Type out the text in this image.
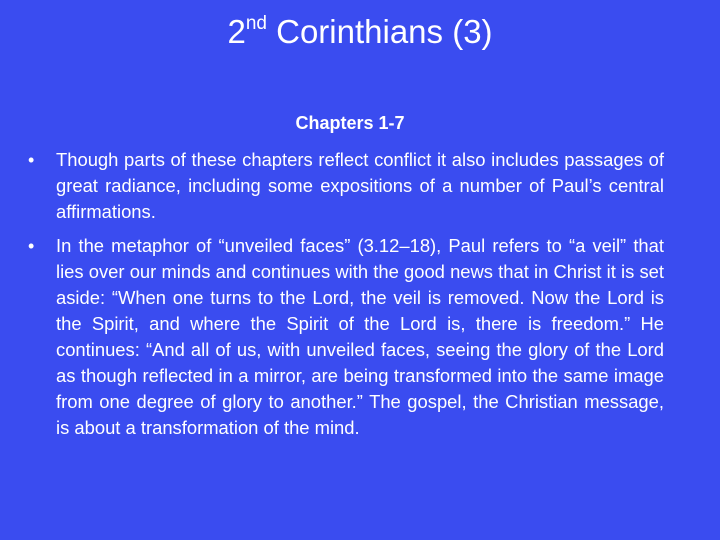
2nd Corinthians (3)

Chapters 1-7

•	Though parts of these chapters reflect conflict it also includes passages of great radiance, including some expositions of a number of Paul’s central affirmations.
•	In the metaphor of “unveiled faces” (3.12–18), Paul refers to “a veil” that lies over our minds and continues with the good news that in Christ it is set aside: “When one turns to the Lord, the veil is removed. Now the Lord is the Spirit, and where the Spirit of the Lord is, there is freedom.” He continues: “And all of us, with unveiled faces, seeing the glory of the Lord as though reflected in a mirror, are being transformed into the same image from one degree of glory to another.” The gospel, the Christian message, is about a transformation of the mind.
